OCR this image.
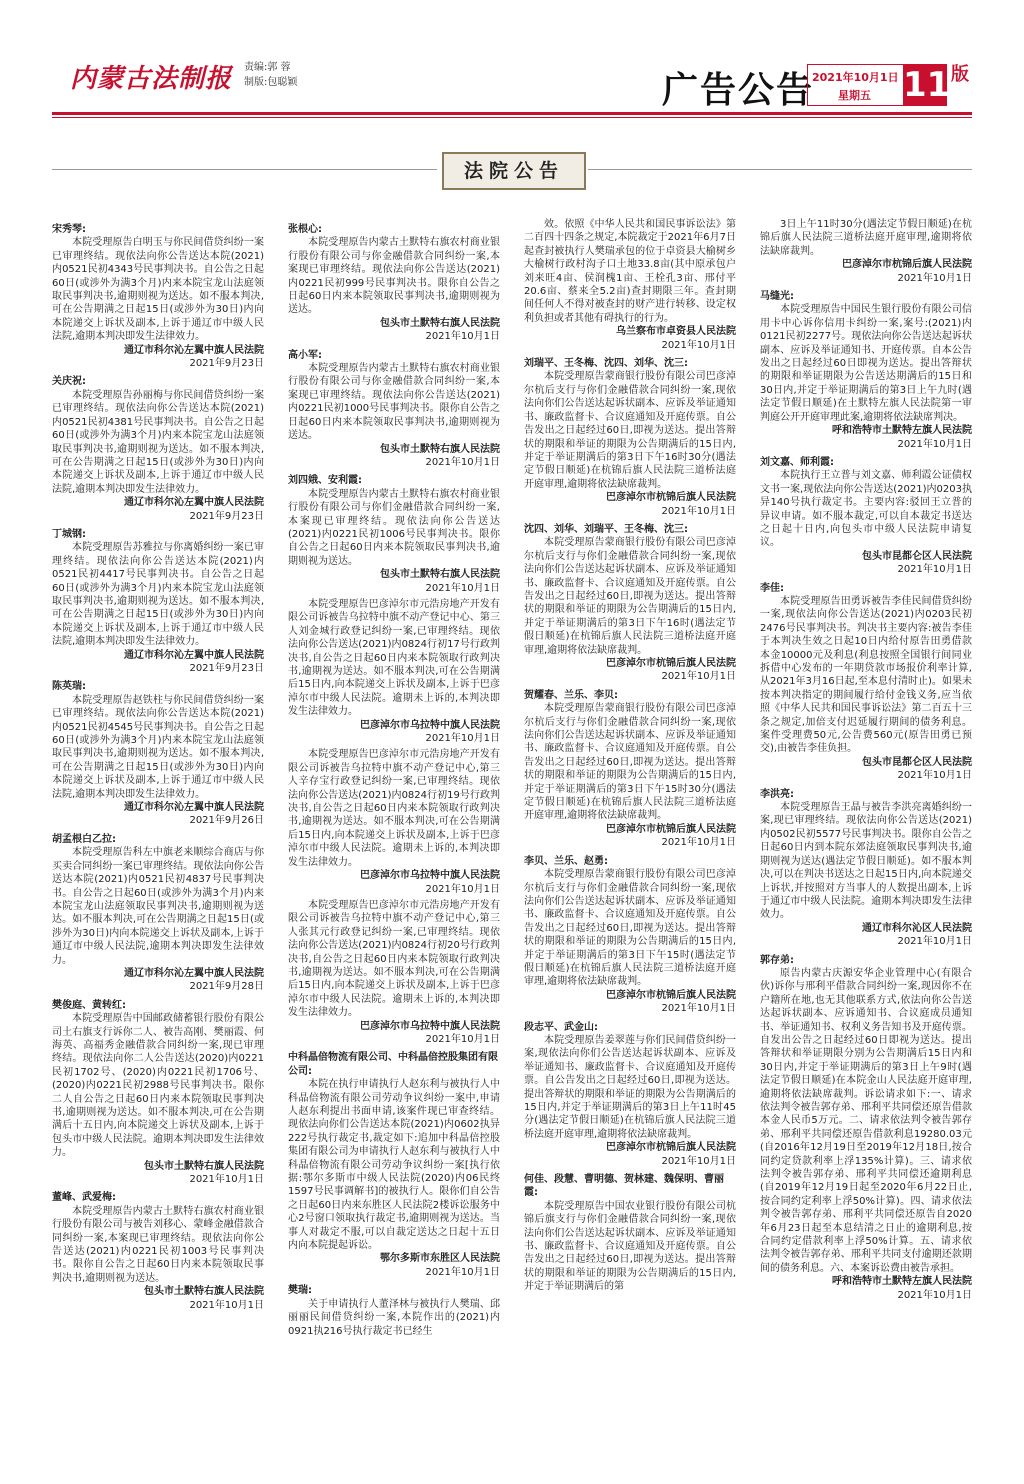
内蒙古法制报 责编:郭 蓉
制版:包聪颖	广告公告
2021年10月1日
星期五 11 版
法院公告
宋秀琴:
本院受理原告白明玉与你民间借贷纠纷一案已审理终结。现依法向你公告送达本院(2021)内0521民初4343号民事判决书。自公告之日起60日(或涉外为满3个月)内来本院宝龙山法庭领取民事判决书,逾期则视为送达。如不服本判决,可在公告期满之日起15日(或涉外为30日)内向本院递交上诉状及副本,上诉于通辽市中级人民法院,逾期本判决即发生法律效力。
通辽市科尔沁左翼中旗人民法院
2021年9月23日
关庆祝:
本院受理原告孙丽梅与你民间借贷纠纷一案已审理终结。现依法向你公告送达本院(2021)内0521民初4381号民事判决书。自公告之日起60日(或涉外为满3个月)内来本院宝龙山法庭领取民事判决书,逾期则视为送达。如不服本判决,可在公告期满之日起15日(或涉外为30日)内向本院递交上诉状及副本,上诉于通辽市中级人民法院,逾期本判决即发生法律效力。
通辽市科尔沁左翼中旗人民法院
2021年9月23日
丁城钢:
本院受理原告苏雅拉与你离婚纠纷一案已审理终结。现依法向你公告送达本院(2021)内0521民初4417号民事判决书。自公告之日起60日(或涉外为满3个月)内来本院宝龙山法庭领取民事判决书,逾期则视为送达。如不服本判决,可在公告期满之日起15日(或涉外为30日)内向本院递交上诉状及副本,上诉于通辽市中级人民法院,逾期本判决即发生法律效力。
通辽市科尔沁左翼中旗人民法院
2021年9月23日
陈英瑞:
本院受理原告赵铁柱与你民间借贷纠纷一案已审理终结。现依法向你公告送达本院(2021)内0521民初4545号民事判决书。自公告之日起60日(或涉外为满3个月)内来本院宝龙山法庭领取民事判决书,逾期则视为送达。如不服本判决,可在公告期满之日起15日(或涉外为30日)内向本院递交上诉状及副本,上诉于通辽市中级人民法院,逾期本判决即发生法律效力。
通辽市科尔沁左翼中旗人民法院
2021年9月26日
胡孟根白乙拉:
本院受理原告科左中旗老来顺综合商店与你买卖合同纠纷一案已审理终结。现依法向你公告送达本院(2021)内0521民初4837号民事判决书。自公告之日起60日(或涉外为满3个月)内来本院宝龙山法庭领取民事判决书,逾期则视为送达。如不服本判决,可在公告期满之日起15日(或涉外为30日)内向本院递交上诉状及副本,上诉于通辽市中级人民法院,逾期本判决即发生法律效力。
通辽市科尔沁左翼中旗人民法院
2021年9月28日
樊俊庭、黄转红:
本院受理原告中国邮政储蓄银行股份有限公司土右旗支行诉你二人、被告高刚、樊丽霞、何海英、高福秀金融借款合同纠纷一案,现已审理终结。现依法向你二人公告送达(2020)内0221民初1702号、(2020)内0221民初1706号、(2020)内0221民初2988号民事判决书。限你二人自公告之日起60日内来本院领取民事判决书,逾期则视为送达。如不服本判决,可在公告期满后十五日内,向本院递交上诉状及副本,上诉于包头市中级人民法院。逾期本判决即发生法律效力。
包头市土默特右旗人民法院
2021年10月1日
董峰、武爱梅:
本院受理原告内蒙古土默特右旗农村商业银行股份有限公司与被告刘移心、蒙峰金融借款合同纠纷一案,本案现已审理终结。现依法向你公告送达(2021)内0221民初1003号民事判决书。限你自公告之日起60日内来本院领取民事判决书,逾期则视为送达。
包头市土默特右旗人民法院
2021年10月1日
张根心:
本院受理原告内蒙古土默特右旗农村商业银行股份有限公司与你金融借款合同纠纷一案,本案现已审理终结。现依法向你公告送达(2021)内0221民初999号民事判决书。限你自公告之日起60日内来本院领取民事判决书,逾期则视为送达。
包头市土默特右旗人民法院
2021年10月1日
高小军:
本院受理原告内蒙古土默特右旗农村商业银行股份有限公司与你金融借款合同纠纷一案,本案现已审理终结。现依法向你公告送达(2021)内0221民初1000号民事判决书。限你自公告之日起60日内来本院领取民事判决书,逾期则视为送达。
包头市土默特右旗人民法院
2021年10月1日
刘四娥、安利霞:
本院受理原告内蒙古土默特右旗农村商业银行股份有限公司与你们金融借款合同纠纷一案,本案现已审理终结。现依法向你公告送达(2021)内0221民初1006号民事判决书。限你自公告之日起60日内来本院领取民事判决书,逾期则视为送达。
包头市土默特右旗人民法院
2021年10月1日
本院受理原告巴彦淖尔市元浩房地产开发有限公司诉被告乌拉特中旗不动产登记中心、第三人刘金城行政登记纠纷一案,已审理终结。现依法向你公告送达(2021)内0824行初17号行政判决书,自公告之日起60日内来本院领取行政判决书,逾期视为送达。如不服本判决,可在公告期满后15日内,向本院递交上诉状及副本,上诉于巴彦淖尔市中级人民法院。逾期未上诉的,本判决即发生法律效力。
巴彦淖尔市乌拉特中旗人民法院
2021年10月1日
本院受理原告巴彦淖尔市元浩房地产开发有限公司诉被告乌拉特中旗不动产登记中心,第三人辛存宝行政登记纠纷一案,已审理终结。现依法向你公告送达(2021)内0824行初19号行政判决书,自公告之日起60日内来本院领取行政判决书,逾期视为送达。如不服本判决,可在公告期满后15日内,向本院递交上诉状及副本,上诉于巴彦淖尔市中级人民法院。逾期未上诉的,本判决即发生法律效力。
巴彦淖尔市乌拉特中旗人民法院
2021年10月1日
本院受理原告巴彦淖尔市元浩房地产开发有限公司诉被告乌拉特中旗不动产登记中心,第三人张其元行政登记纠纷一案,已审理终结。现依法向你公告送达(2021)内0824行初20号行政判决书,自公告之日起60日内来本院领取行政判决书,逾期视为送达。如不服本判决,可在公告期满后15日内,向本院递交上诉状及副本,上诉于巴彦淖尔市中级人民法院。逾期未上诉的,本判决即发生法律效力。
巴彦淖尔市乌拉特中旗人民法院
2021年10月1日
中科晶倍物流有限公司、中科晶倍控股集团有限公司:
本院在执行申请执行人赵东利与被执行人中科晶倍物流有限公司劳动争议纠纷一案中,申请人赵东利提出书面申请,该案件现已审查终结。现依法向你们公告送达本院(2021)内0602执异222号执行裁定书,裁定如下:追加中科晶倍控股集团有限公司为申请执行人赵东利与被执行人中科晶倍物流有限公司劳动争议纠纷一案[执行依据:鄂尔多斯市中级人民法院(2020)内06民终1597号民事调解书]的被执行人。限你们自公告之日起60日内来东胜区人民法院2楼诉讼服务中心2号窗口领取执行裁定书,逾期则视为送达。当事人对裁定不服,可以自裁定送达之日起十五日内向本院提起诉讼。
鄂尔多斯市东胜区人民法院
2021年10月1日
樊瑞:
关于申请执行人董泽林与被执行人樊瑞、邱丽丽民间借贷纠纷一案,本院作出的(2021)内0921执216号执行裁定书已经生
效。依照《中华人民共和国民事诉讼法》第二百四十四条之规定,本院裁定于2021年6月7日起查封被执行人樊瑞承包的位于卓资县大榆树乡大榆树行政村沟子口土地33.8亩(其中原承包户刘来旺4亩、侯润槐1亩、王栓孔3亩、邢付平20.6亩、蔡来全5.2亩)查封期限三年。查封期间任何人不得对被查封的财产进行转移、设定权利负担或者其他有碍执行的行为。
乌兰察布市卓资县人民法院
2021年10月1日
刘瑞平、王冬梅、沈四、刘华、沈三:
本院受理原告蒙商银行股份有限公司巴彦淖尔杭后支行与你们金融借款合同纠纷一案,现依法向你们公告送达起诉状副本、应诉及举证通知书、廉政监督卡、合议庭通知及开庭传票。自公告发出之日起经过60日,即视为送达。提出答辩状的期限和举证的期限为公告期满后的15日内,并定于举证期满后的第3日下午16时30分(遇法定节假日顺延)在杭锦后旗人民法院三道桥法庭开庭审理,逾期将依法缺席裁判。
巴彦淖尔市杭锦后旗人民法院
2021年10月1日
沈四、刘华、刘瑞平、王冬梅、沈三:
本院受理原告蒙商银行股份有限公司巴彦淖尔杭后支行与你们金融借款合同纠纷一案,现依法向你们公告送达起诉状副本、应诉及举证通知书、廉政监督卡、合议庭通知及开庭传票。自公告发出之日起经过60日,即视为送达。提出答辩状的期限和举证的期限为公告期满后的15日内,并定于举证期满后的第3日下午16时(遇法定节假日顺延)在杭锦后旗人民法院三道桥法庭开庭审理,逾期将依法缺席裁判。
巴彦淖尔市杭锦后旗人民法院
2021年10月1日
贺耀春、兰乐、李贝:
本院受理原告蒙商银行股份有限公司巴彦淖尔杭后支行与你们金融借款合同纠纷一案,现依法向你们公告送达起诉状副本、应诉及举证通知书、廉政监督卡、合议庭通知及开庭传票。自公告发出之日起经过60日,即视为送达。提出答辩状的期限和举证的期限为公告期满后的15日内,并定于举证期满后的第3日下午15时30分(遇法定节假日顺延)在杭锦后旗人民法院三道桥法庭开庭审理,逾期将依法缺席裁判。
巴彦淖尔市杭锦后旗人民法院
2021年10月1日
李贝、兰乐、赵勇:
本院受理原告蒙商银行股份有限公司巴彦淖尔杭后支行与你们金融借款合同纠纷一案,现依法向你们公告送达起诉状副本、应诉及举证通知书、廉政监督卡、合议庭通知及开庭传票。自公告发出之日起经过60日,即视为送达。提出答辩状的期限和举证的期限为公告期满后的15日内,并定于举证期满后的第3日下午15时(遇法定节假日顺延)在杭锦后旗人民法院三道桥法庭开庭审理,逾期将依法缺席裁判。
巴彦淖尔市杭锦后旗人民法院
2021年10月1日
段志平、武金山:
本院受理原告姜翠莲与你们民间借贷纠纷一案,现依法向你们公告送达起诉状副本、应诉及举证通知书、廉政监督卡、合议庭通知及开庭传票。自公告发出之日起经过60日,即视为送达。提出答辩状的期限和举证的期限为公告期满后的15日内,并定于举证期满后的第3日上午11时45分(遇法定节假日顺延)在杭锦后旗人民法院三道桥法庭开庭审理,逾期将依法缺席裁判。
巴彦淖尔市杭锦后旗人民法院
2021年10月1日
何佳、段慧、曹明德、贺林建、魏保明、曹丽霞:
本院受理原告中国农业银行股份有限公司杭锦后旗支行与你们金融借款合同纠纷一案,现依法向你们公告送达起诉状副本、应诉及举证通知书、廉政监督卡、合议庭通知及开庭传票。自公告发出之日起经过60日,即视为送达。提出答辩状的期限和举证的期限为公告期满后的15日内,并定于举证期满后的第
3日上午11时30分(遇法定节假日顺延)在杭锦后旗人民法院三道桥法庭开庭审理,逾期将依法缺席裁判。
巴彦淖尔市杭锦后旗人民法院
2021年10月1日
马缝光:
本院受理原告中国民生银行股份有限公司信用卡中心诉你信用卡纠纷一案,案号:(2021)内0121民初2277号。现依法向你公告送达起诉状副本、应诉及举证通知书、开庭传票。自本公告发出之日起经过60日即视为送达。提出答辩状的期限和举证期限为公告送达期满后的15日和30日内,并定于举证期满后的第3日上午九时(遇法定节假日顺延)在土默特左旗人民法院第一审判庭公开开庭审理此案,逾期将依法缺席判决。
呼和浩特市土默特左旗人民法院
2021年10月1日
刘文嘉、师利霞:
本院执行王立普与刘文嘉、师利霞公证债权文书一案,现依法向你公告送达(2021)内0203执异140号执行裁定书。主要内容:驳回王立普的异议申请。如不服本裁定,可以自本裁定书送达之日起十日内,向包头市中级人民法院申请复议。
包头市昆都仑区人民法院
2021年10月1日
李佳:
本院受理原告田勇诉被告李佳民间借贷纠纷一案,现依法向你公告送达(2021)内0203民初2476号民事判决书。判决书主要内容:被告李佳于本判决生效之日起10日内给付原告田勇借款本金10000元及利息(利息按照全国银行间同业拆借中心发布的一年期贷款市场报价利率计算,从2021年3月16日起,至本息付清时止)。如果未按本判决指定的期间履行给付金钱义务,应当依照《中华人民共和国民事诉讼法》第二百五十三条之规定,加倍支付迟延履行期间的债务利息。案件受理费50元,公告费560元(原告田勇已预交),由被告李佳负担。
包头市昆都仑区人民法院
2021年10月1日
李洪亮:
本院受理原告王晶与被告李洪亮离婚纠纷一案,现已审理终结。现依法向你公告送达(2021)内0502民初5577号民事判决书。限你自公告之日起60日内到本院东郊法庭领取民事判决书,逾期则视为送达(遇法定节假日顺延)。如不服本判决,可以在判决书送达之日起15日内,向本院递交上诉状,并按照对方当事人的人数提出副本,上诉于通辽市中级人民法院。逾期本判决即发生法律效力。
通辽市科尔沁区人民法院
2021年10月1日
郭存弟:
原告内蒙古庆源安华企业管理中心(有限合伙)诉你与邢利平借款合同纠纷一案,现因你不在户籍所在地,也无其他联系方式,依法向你公告送达起诉状副本、应诉通知书、合议庭成员通知书、举证通知书、权利义务告知书及开庭传票。自发出公告之日起经过60日即视为送达。提出答辩状和举证期限分别为公告期满后15日内和30日内,并定于举证期满后的第3日上午9时(遇法定节假日顺延)在本院金山人民法庭开庭审理,逾期将依法缺席裁判。诉讼请求如下:一、请求依法判令被告郭存弟、邢利平共同偿还原告借款本金人民币5万元。二、请求依法判令被告郭存弟、邢利平共同偿还原告借款利息19280.03元(自2016年12月19日至2019年12月18日,按合同约定贷款利率上浮135%计算)。三、请求依法判令被告郭存弟、邢利平共同偿还逾期利息(自2019年12月19日起至2020年6月22日止,按合同约定利率上浮50%计算)。四、请求依法判令被告郭存弟、邢利平共同偿还原告自2020年6月23日起至本息结清之日止的逾期利息,按合同约定借款利率上浮50%计算。五、请求依法判令被告郭存弟、邢利平共同支付逾期还款期间的债务利息。六、本案诉讼费由被告承担。
呼和浩特市土默特左旗人民法院
2021年10月1日
